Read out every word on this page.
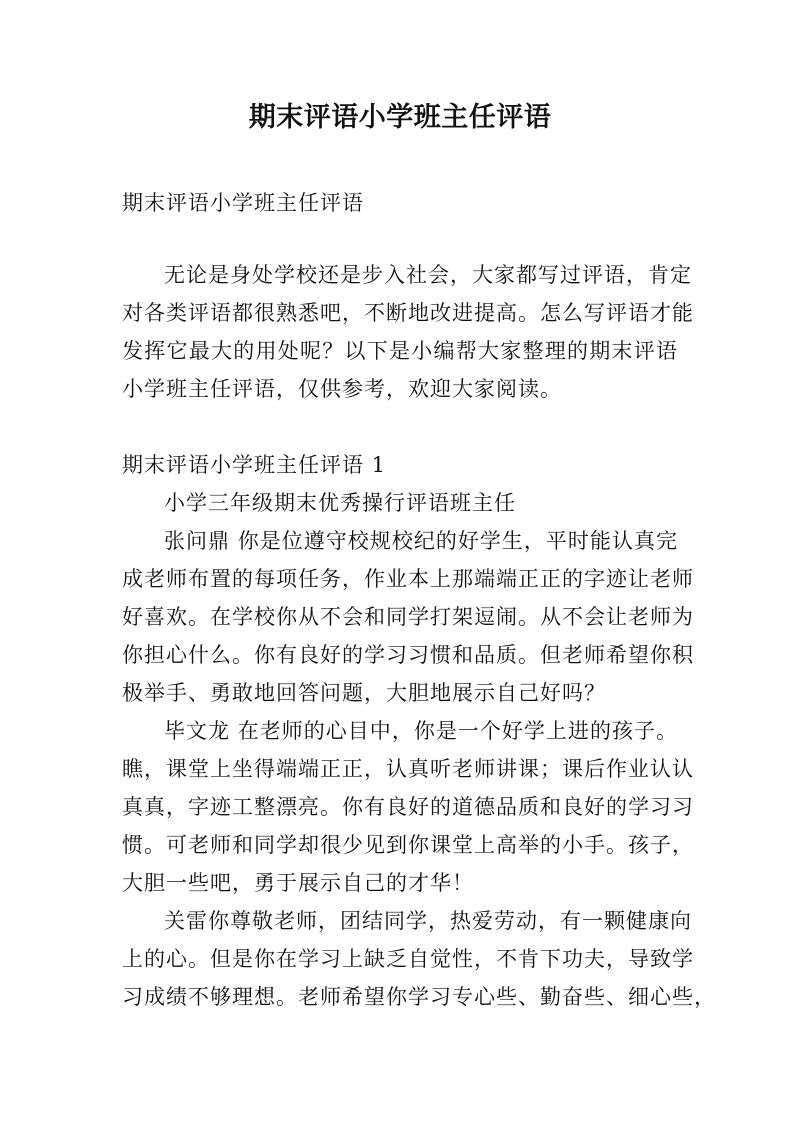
期末评语小学班主任评语
期末评语小学班主任评语
无论是身处学校还是步入社会，大家都写过评语，肯定
对各类评语都很熟悉吧，不断地改进提高。怎么写评语才能
发挥它最大的用处呢？以下是小编帮大家整理的期末评语
小学班主任评语，仅供参考，欢迎大家阅读。
期末评语小学班主任评语 1
小学三年级期末优秀操行评语班主任
张问鼎 你是位遵守校规校纪的好学生，平时能认真完
成老师布置的每项任务，作业本上那端端正正的字迹让老师
好喜欢。在学校你从不会和同学打架逗闹。从不会让老师为
你担心什么。你有良好的学习习惯和品质。但老师希望你积
极举手、勇敢地回答问题，大胆地展示自己好吗？
毕文龙 在老师的心目中，你是一个好学上进的孩子。
瞧，课堂上坐得端端正正，认真听老师讲课；课后作业认认
真真，字迹工整漂亮。你有良好的道德品质和良好的学习习
惯。可老师和同学却很少见到你课堂上高举的小手。孩子，
大胆一些吧，勇于展示自己的才华！
关雷你尊敬老师，团结同学，热爱劳动，有一颗健康向
上的心。但是你在学习上缺乏自觉性，不肯下功夫，导致学
习成绩不够理想。老师希望你学习专心些、勤奋些、细心些，
